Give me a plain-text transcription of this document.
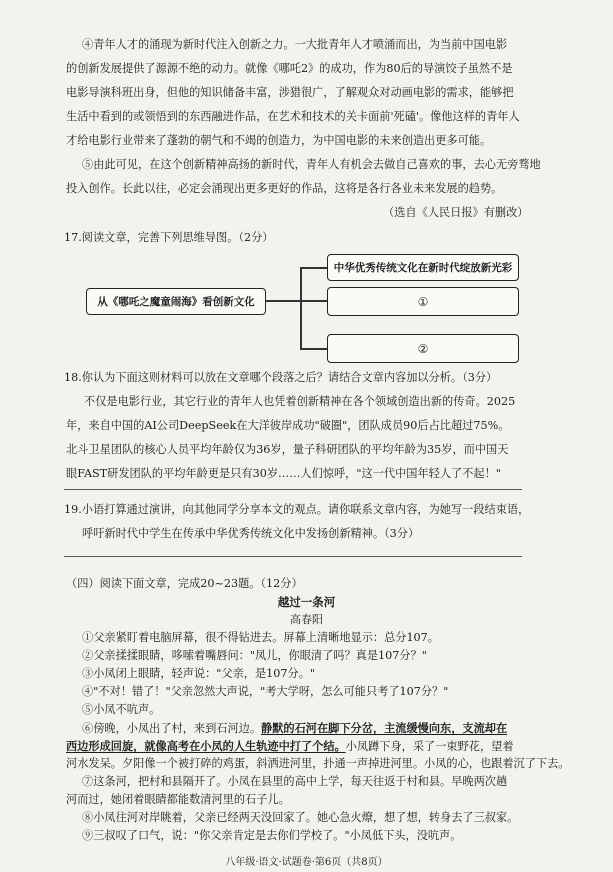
④青年人才的涌现为新时代注入创新之力。一大批青年人才喷涌而出，为当前中国电影
的创新发展提供了源源不绝的动力。就像《哪吒2》的成功，作为80后的导演饺子虽然不是
电影导演科班出身，但他的知识储备丰富，涉猎很广，了解观众对动画电影的需求，能够把
生活中看到的或领悟到的东西融进作品，在艺术和技术的关卡面前'死磕'。像他这样的青年人
才给电影行业带来了蓬勃的朝气和不竭的创造力，为中国电影的未来创造出更多可能。
⑤由此可见，在这个创新精神高扬的新时代，青年人有机会去做自己喜欢的事，去心无旁骛地
投入创作。长此以往，必定会涌现出更多更好的作品，这将是各行各业未来发展的趋势。
（选自《人民日报》有删改）
17.阅读文章，完善下列思维导图。（2分）
从《哪吒之魔童闹海》看创新文化
中华优秀传统文化在新时代绽放新光彩
①
②
18.你认为下面这则材料可以放在文章哪个段落之后？请结合文章内容加以分析。（3分）
不仅是电影行业，其它行业的青年人也凭着创新精神在各个领域创造出新的传奇。2025
年，来自中国的AI公司DeepSeek在大洋彼岸成功"破圈"，团队成员90后占比超过75%。
北斗卫星团队的核心人员平均年龄仅为36岁，量子科研团队的平均年龄为35岁，而中国天
眼FAST研发团队的平均年龄更是只有30岁……人们惊呼，"这一代中国年轻人了不起！"
19.小语打算通过演讲，向其他同学分享本文的观点。请你联系文章内容，为她写一段结束语，
呼吁新时代中学生在传承中华优秀传统文化中发扬创新精神。（3分）
（四）阅读下面文章，完成20~23题。（12分）
越过一条河
高春阳
①父亲紧盯着电脑屏幕，很不得钻进去。屏幕上清晰地显示：总分107。
②父亲揉揉眼睛，哆嗦着嘴唇问："凤儿，你眼清了吗？真是107分？"
③小凤闭上眼睛，轻声说："父亲，是107分。"
④"不对！错了！"父亲忽然大声说，"考大学呀，怎么可能只考了107分？"
⑤小凤不吭声。
⑥傍晚，小凤出了村，来到石河边。静默的石河在脚下分岔，主流缓慢向东，支流却在
西边形成回旋，就像高考在小凤的人生轨迹中打了个结。小凤蹲下身，采了一束野花，望着
河水发呆。夕阳像一个被打碎的鸡蛋，斜洒进河里，扑通一声掉进河里。小凤的心，也跟着沉了下去。
⑦这条河，把村和县隔开了。小凤在县里的高中上学，每天往返于村和县。早晚两次趟
河而过，她闭着眼睛都能数清河里的石子儿。
⑧小凤往河对岸眺着，父亲已经两天没回家了。她心急火燎，想了想，转身去了三叔家。
⑨三叔叹了口气，说："你父亲肯定是去你们学校了。"小凤低下头，没吭声。
八年级·语文·试题卷·第6页（共8页）
